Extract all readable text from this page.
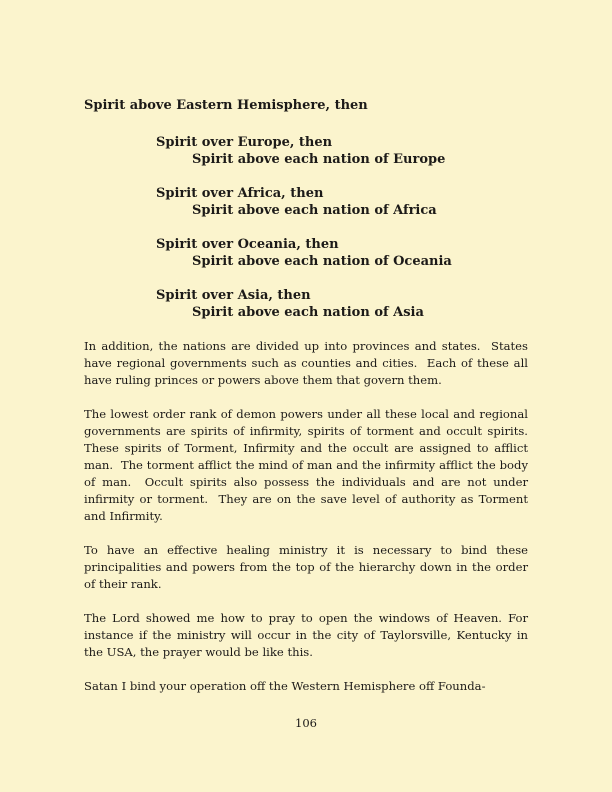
Spirit above Eastern Hemisphere, then
Spirit over Europe, then
Spirit above each nation of Europe
Spirit over Africa, then
Spirit above each nation of Africa
Spirit over Oceania, then
Spirit above each nation of Oceania
Spirit over Asia, then
Spirit above each nation of Asia
In addition, the nations are divided up into provinces and states.  States have regional governments such as counties and cities.  Each of these all have ruling princes or powers above them that govern them.
The lowest order rank of demon powers under all these local and regional governments are spirits of infirmity, spirits of torment and occult spirits.  These spirits of Torment, Infirmity and the occult are assigned to afflict man.  The torment afflict the mind of man and the infirmity afflict the body of man.  Occult spirits also possess the individuals and are not under infirmity or torment.  They are on the save level of authority as Torment and Infirmity.
To have an effective healing ministry it is necessary to bind these principalities and powers from the top of the hierarchy down in the order of their rank.
The Lord showed me how to pray to open the windows of Heaven. For instance if the ministry will occur in the city of Taylorsville, Kentucky in the USA, the prayer would be like this.
Satan I bind your operation off the Western Hemisphere off Founda-
106
